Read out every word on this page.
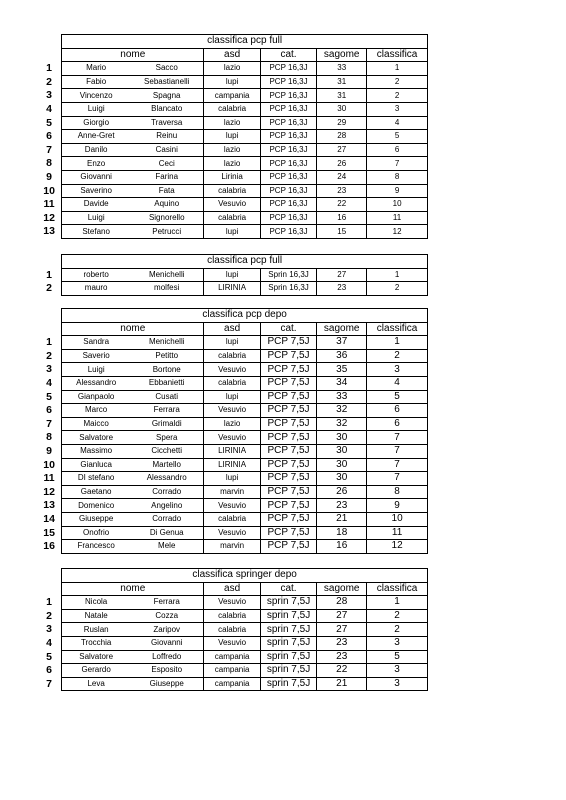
	classifica pcp full					
	nome		asd	cat.	sagome	classifica
1	Mario	Sacco	lazio	PCP 16,3J	33	1
2	Fabio	Sebastianelli	lupi	PCP 16,3J	31	2
3	Vincenzo	Spagna	campania	PCP 16,3J	31	2
4	Luigi	Blancato	calabria	PCP 16,3J	30	3
5	Giorgio	Traversa	lazio	PCP 16,3J	29	4
6	Anne-Gret	Reinu	lupi	PCP 16,3J	28	5
7	Danilo	Casini	lazio	PCP 16,3J	27	6
8	Enzo	Ceci	lazio	PCP 16,3J	26	7
9	Giovanni	Farina	Lirinia	PCP 16,3J	24	8
10	Saverino	Fata	calabria	PCP 16,3J	23	9
11	Davide	Aquino	Vesuvio	PCP 16,3J	22	10
12	Luigi	Signorello	calabria	PCP 16,3J	16	11
13	Stefano	Petrucci	lupi	PCP 16,3J	15	12
	classifica pcp full					
1	roberto	Menichelli	lupi	Sprin 16,3J	27	1
2	mauro	molfesi	LIRINIA	Sprin 16,3J	23	2
	classifica pcp depo					
	nome		asd	cat.	sagome	classifica
1	Sandra	Menichelli	lupi	PCP 7,5J	37	1
2	Saverio	Petitto	calabria	PCP 7,5J	36	2
3	Luigi	Bortone	Vesuvio	PCP 7,5J	35	3
4	Alessandro	Ebbanietti	calabria	PCP 7,5J	34	4
5	Gianpaolo	Cusati	lupi	PCP 7,5J	33	5
6	Marco	Ferrara	Vesuvio	PCP 7,5J	32	6
7	Maicco	Grimaldi	lazio	PCP 7,5J	32	6
8	Salvatore	Spera	Vesuvio	PCP 7,5J	30	7
9	Massimo	Cicchetti	LIRINIA	PCP 7,5J	30	7
10	Gianluca	Martello	LIRINIA	PCP 7,5J	30	7
11	DI stefano	Alessandro	lupi	PCP 7,5J	30	7
12	Gaetano	Corrado	marvin	PCP 7,5J	26	8
13	Domenico	Angelino	Vesuvio	PCP 7,5J	23	9
14	Giuseppe	Corrado	calabria	PCP 7,5J	21	10
15	Onofrio	Di Genua	Vesuvio	PCP 7,5J	18	11
16	Francesco	Mele	marvin	PCP 7,5J	16	12
	classifica springer depo					
	nome		asd	cat.	sagome	classifica
1	Nicola	Ferrara	Vesuvio	sprin 7,5J	28	1
2	Natale	Cozza	calabria	sprin 7,5J	27	2
3	Ruslan	Zaripov	calabria	sprin 7,5J	27	2
4	Trocchia	Giovanni	Vesuvio	sprin 7,5J	23	3
5	Salvatore	Loffredo	campania	sprin 7,5J	23	5
6	Gerardo	Esposito	campania	sprin 7,5J	22	3
7	Leva	Giuseppe	campania	sprin 7,5J	21	3
